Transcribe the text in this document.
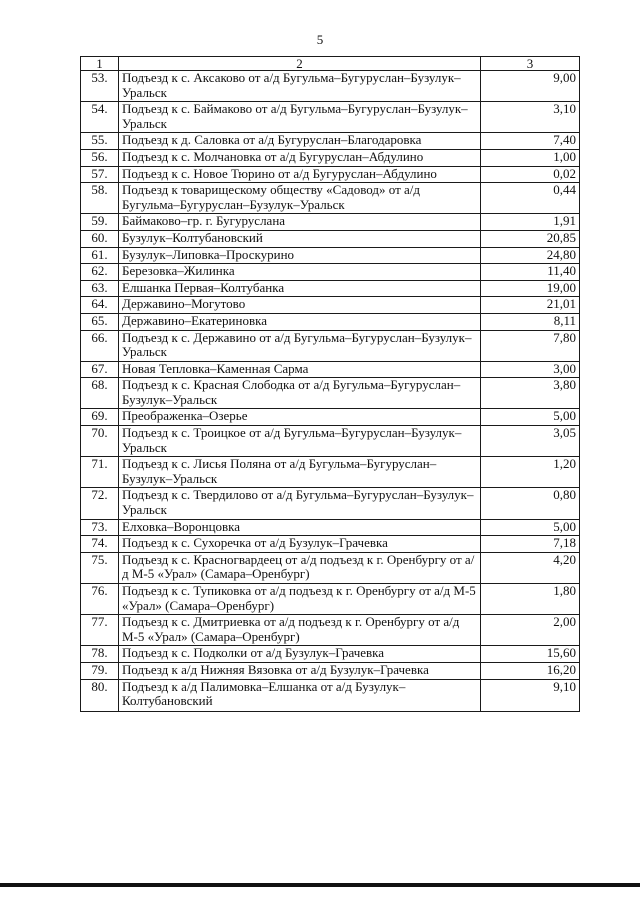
5
1	2	3
53.	Подъезд к с. Аксаково от а/д Бугульма–Бугуруслан–Бузулук–Уральск	9,00
54.	Подъезд к с. Баймаково от а/д Бугульма–Бугуруслан–Бузулук–Уральск	3,10
55.	Подъезд к д. Саловка от а/д Бугуруслан–Благодаровка	7,40
56.	Подъезд к с. Молчановка от а/д Бугуруслан–Абдулино	1,00
57.	Подъезд к с. Новое Тюрино от а/д Бугуруслан–Абдулино	0,02
58.	Подъезд к товарищескому обществу «Садовод» от а/д Бугульма–Бугуруслан–Бузулук–Уральск	0,44
59.	Баймаково–гр. г. Бугуруслана	1,91
60.	Бузулук–Колтубановский	20,85
61.	Бузулук–Липовка–Проскурино	24,80
62.	Березовка–Жилинка	11,40
63.	Елшанка Первая–Колтубанка	19,00
64.	Державино–Могутово	21,01
65.	Державино–Екатериновка	8,11
66.	Подъезд к с. Державино от а/д Бугульма–Бугуруслан–Бузулук–Уральск	7,80
67.	Новая Тепловка–Каменная Сарма	3,00
68.	Подъезд к с. Красная Слободка от а/д Бугульма–Бугуруслан–Бузулук–Уральск	3,80
69.	Преображенка–Озерье	5,00
70.	Подъезд к с. Троицкое от а/д Бугульма–Бугуруслан–Бузулук–Уральск	3,05
71.	Подъезд к с. Лисья Поляна от а/д Бугульма–Бугуруслан–Бузулук–Уральск	1,20
72.	Подъезд к с. Твердилово от а/д Бугульма–Бугуруслан–Бузулук–Уральск	0,80
73.	Елховка–Воронцовка	5,00
74.	Подъезд к с. Сухоречка от а/д Бузулук–Грачевка	7,18
75.	Подъезд к с. Красногвардеец от а/д подъезд к г. Оренбургу от а/д М-5 «Урал» (Самара–Оренбург)	4,20
76.	Подъезд к с. Тупиковка от а/д подъезд к г. Оренбургу от а/д М-5 «Урал» (Самара–Оренбург)	1,80
77.	Подъезд к с. Дмитриевка от а/д подъезд к г. Оренбургу от а/д М-5 «Урал» (Самара–Оренбург)	2,00
78.	Подъезд к с. Подколки от а/д Бузулук–Грачевка	15,60
79.	Подъезд к а/д Нижняя Вязовка от а/д Бузулук–Грачевка	16,20
80.	Подъезд к а/д Палимовка–Елшанка от а/д Бузулук–Колтубановский	9,10
